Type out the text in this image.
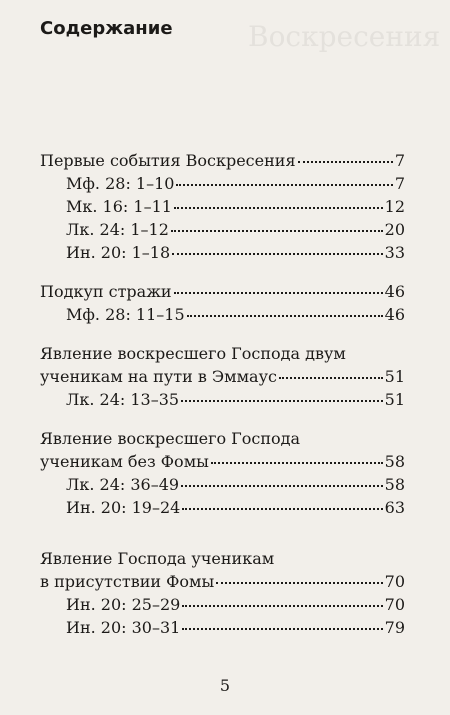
Воскресения
Содержание
Первые события Воскресения	7
Мф. 28: 1–10	7
Мк. 16: 1–11	12
Лк. 24: 1–12	20
Ин. 20: 1–18	33
Подкуп стражи	46
Мф. 28: 11–15	46
Явление воскресшего Господа двум
ученикам на пути в Эммаус	51
Лк. 24: 13–35	51
Явление воскресшего Господа
ученикам без Фомы	58
Лк. 24: 36–49	58
Ин. 20: 19–24	63
Явление Господа ученикам
в присутствии Фомы	70
Ин. 20: 25–29	70
Ин. 20: 30–31	79
5
